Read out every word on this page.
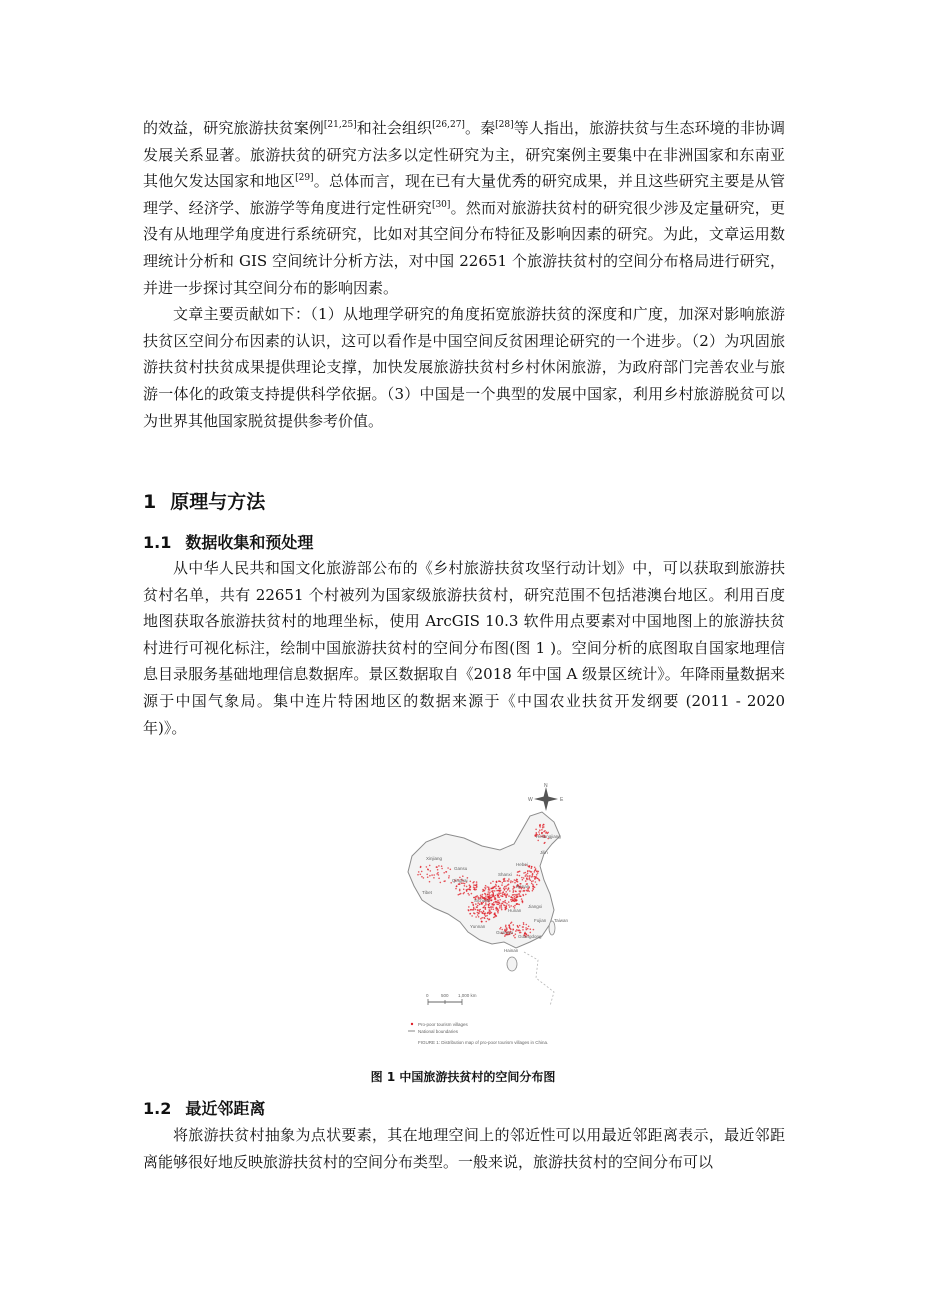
的效益，研究旅游扶贫案例[21,25]和社会组织[26,27]。秦[28]等人指出，旅游扶贫与生态环境的非协调发展关系显著。旅游扶贫的研究方法多以定性研究为主，研究案例主要集中在非洲国家和东南亚其他欠发达国家和地区[29]。总体而言，现在已有大量优秀的研究成果，并且这些研究主要是从管理学、经济学、旅游学等角度进行定性研究[30]。然而对旅游扶贫村的研究很少涉及定量研究，更没有从地理学角度进行系统研究，比如对其空间分布特征及影响因素的研究。为此，文章运用数理统计分析和 GIS 空间统计分析方法，对中国 22651 个旅游扶贫村的空间分布格局进行研究，并进一步探讨其空间分布的影响因素。

文章主要贡献如下：（1）从地理学研究的角度拓宽旅游扶贫的深度和广度，加深对影响旅游扶贫区空间分布因素的认识，这可以看作是中国空间反贫困理论研究的一个进步。（2）为巩固旅游扶贫村扶贫成果提供理论支撑，加快发展旅游扶贫村乡村休闲旅游，为政府部门完善农业与旅游一体化的政策支持提供科学依据。（3）中国是一个典型的发展中国家，利用乡村旅游脱贫可以为世界其他国家脱贫提供参考价值。

1 原理与方法
1.1 数据收集和预处理

从中华人民共和国文化旅游部公布的《乡村旅游扶贫攻坚行动计划》中，可以获取到旅游扶贫村名单，共有 22651 个村被列为国家级旅游扶贫村，研究范围不包括港澳台地区。利用百度地图获取各旅游扶贫村的地理坐标，使用 ArcGIS 10.3 软件用点要素对中国地图上的旅游扶贫村进行可视化标注，绘制中国旅游扶贫村的空间分布图(图 1 )。空间分析的底图取自国家地理信息目录服务基础地理信息数据库。景区数据取自《2018 年中国 A 级景区统计》。年降雨量数据来源于中国气象局。集中连片特困地区的数据来源于《中国农业扶贫开发纲要 (2011 - 2020 年)》。

N
W	E
Heilongjiang
Xinjiang
Gansu
Qinghai
Tibet
Jilin
Hebei
Henan
Shanxi
Sichuan
Yunnan
Hunan
Jiangxi
Guangxi
Guangdong
Fujian Taiwan
Hainan
0	500 1,000 km
Pro-poor tourism villages
National boundaries
FIGURE 1: Distribution map of pro-poor tourism villages in China.
图 1 中国旅游扶贫村的空间分布图
1.2 最近邻距离

将旅游扶贫村抽象为点状要素，其在地理空间上的邻近性可以用最近邻距离表示，最近邻距离能够很好地反映旅游扶贫村的空间分布类型。一般来说，旅游扶贫村的空间分布可以
